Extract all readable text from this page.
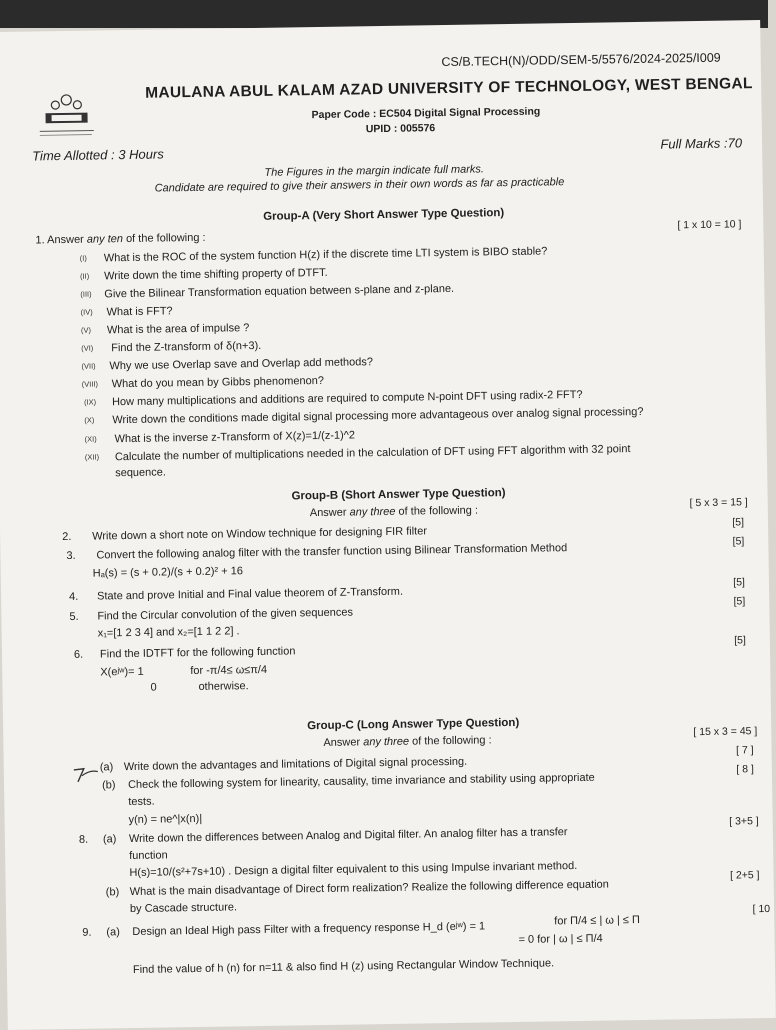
CS/B.TECH(N)/ODD/SEM-5/5576/2024-2025/I009
MAULANA ABUL KALAM AZAD UNIVERSITY OF TECHNOLOGY, WEST BENGAL
Paper Code : EC504 Digital Signal Processing
UPID : 005576
Time Allotted : 3 Hours
Full Marks :70
The Figures in the margin indicate full marks.
Candidate are required to give their answers in their own words as far as practicable
Group-A (Very Short Answer Type Question)
1. Answer any ten of the following :
[ 1 x 10 = 10 ]
(I) What is the ROC of the system function H(z) if the discrete time LTI system is BIBO stable?
(II) Write down the time shifting property of DTFT.
(III) Give the Bilinear Transformation equation between s-plane and z-plane.
(IV) What is FFT?
(V) What is the area of impulse ?
(VI) Find the Z-transform of δ(n+3).
(VII) Why we use Overlap save and Overlap add methods?
(VIII) What do you mean by Gibbs phenomenon?
(IX) How many multiplications and additions are required to compute N-point DFT using radix-2 FFT?
(X) Write down the conditions made digital signal processing more advantageous over analog signal processing?
(XI) What is the inverse z-Transform of X(z)=1/(z-1)^2
(XII) Calculate the number of multiplications needed in the calculation of DFT using FFT algorithm with 32 point
sequence.
Group-B (Short Answer Type Question)
Answer any three of the following :
[ 5 x 3 = 15 ]
2. Write down a short note on Window technique for designing FIR filter
[5]
3. Convert the following analog filter with the transfer function using Bilinear Transformation Method
[5]
Hₐ(s) = (s + 0.2)/(s + 0.2)² + 16
4. State and prove Initial and Final value theorem of Z-Transform.
[5]
5. Find the Circular convolution of the given sequences
[5]
x₁=[1 2 3 4] and x₂=[1 1 2 2] .
6. Find the IDTFT for the following function
[5]
X(eʲʷ)= 1	for -π/4≤ ω≤π/4
0	otherwise.
Group-C (Long Answer Type Question)
Answer any three of the following :
[ 15 x 3 = 45 ]
(a) Write down the advantages and limitations of Digital signal processing.
[ 7 ]
(b) Check the following system for linearity, causality, time invariance and stability using appropriate
[ 8 ]
tests.
y(n) = ne^|x(n)|
8. (a) Write down the differences between Analog and Digital filter. An analog filter has a transfer
[ 3+5 ]
function
H(s)=10/(s²+7s+10) . Design a digital filter equivalent to this using Impulse invariant method.
(b) What is the main disadvantage of Direct form realization? Realize the following difference equation
[ 2+5 ]
by Cascade structure.
9. (a) Design an Ideal High pass Filter with a frequency response H_d (eʲʷ) = 1	for Π/4 ≤ | ω | ≤ Π
[ 10
= 0 for | ω | ≤ Π/4
Find the value of h (n) for n=11 & also find H (z) using Rectangular Window Technique.
